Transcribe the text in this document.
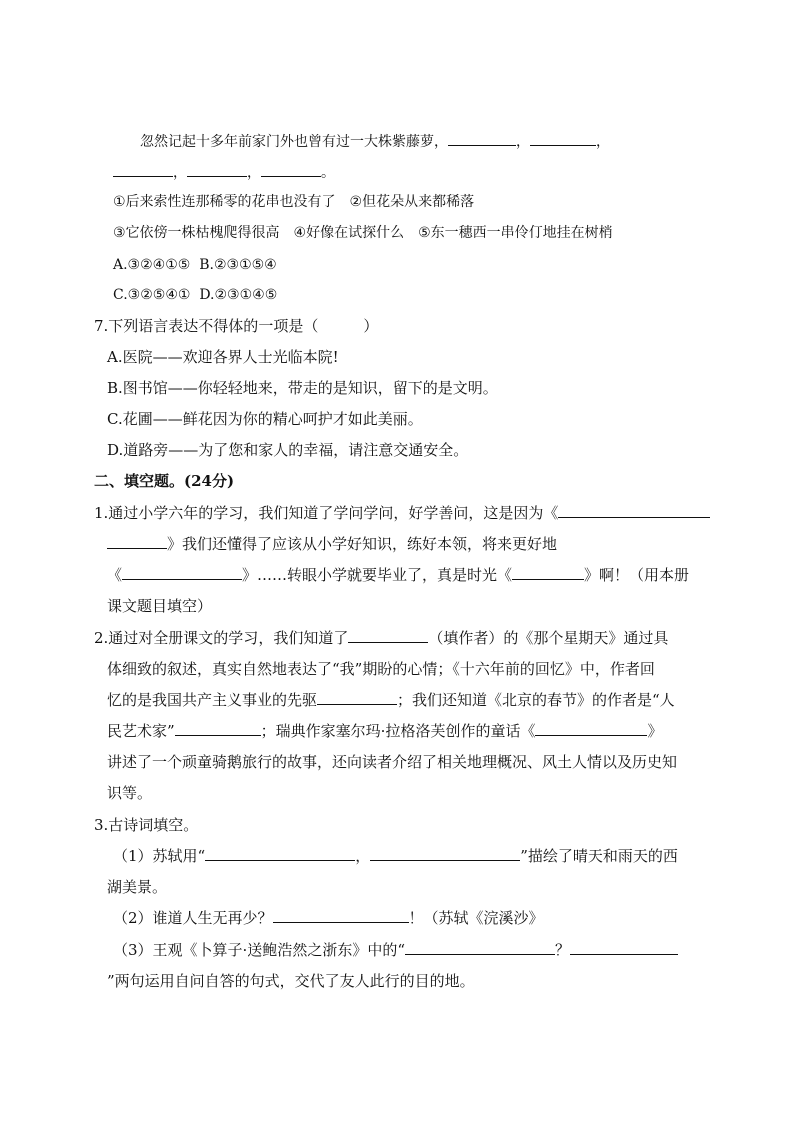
忽然记起十多年前家门外也曾有过一大株紫藤萝，	，	，
，	，	。
①后来索性连那稀零的花串也没有了　②但花朵从来都稀落
③它依傍一株枯槐爬得很高　④好像在试探什么　⑤东一穗西一串伶仃地挂在树梢
A.③②④①⑤ B.②③①⑤④
C.③②⑤④① D.②③①④⑤
7.下列语言表达不得体的一项是（　　　）
A.医院——欢迎各界人士光临本院!
B.图书馆——你轻轻地来，带走的是知识，留下的是文明。
C.花圃——鲜花因为你的精心呵护才如此美丽。
D.道路旁——为了您和家人的幸福，请注意交通安全。
二、填空题。(24分)
1.通过小学六年的学习，我们知道了学问学问，好学善问，这是因为《
》我们还懂得了应该从小学好知识，练好本领，将来更好地
《	》……转眼小学就要毕业了，真是时光《	》啊！（用本册
课文题目填空）
2.通过对全册课文的学习，我们知道了	（填作者）的《那个星期天》通过具
体细致的叙述，真实自然地表达了“我”期盼的心情；《十六年前的回忆》中，作者回
忆的是我国共产主义事业的先驱	；我们还知道《北京的春节》的作者是“人
民艺术家”	；瑞典作家塞尔玛·拉格洛芙创作的童话《	》
讲述了一个顽童骑鹅旅行的故事，还向读者介绍了相关地理概况、风土人情以及历史知
识等。
3.古诗词填空。
（1）苏轼用“	，	”描绘了晴天和雨天的西
湖美景。
（2）谁道人生无再少？	！（苏轼《浣溪沙》
（3）王观《卜算子·送鲍浩然之浙东》中的“	？
”两句运用自问自答的句式，交代了友人此行的目的地。
